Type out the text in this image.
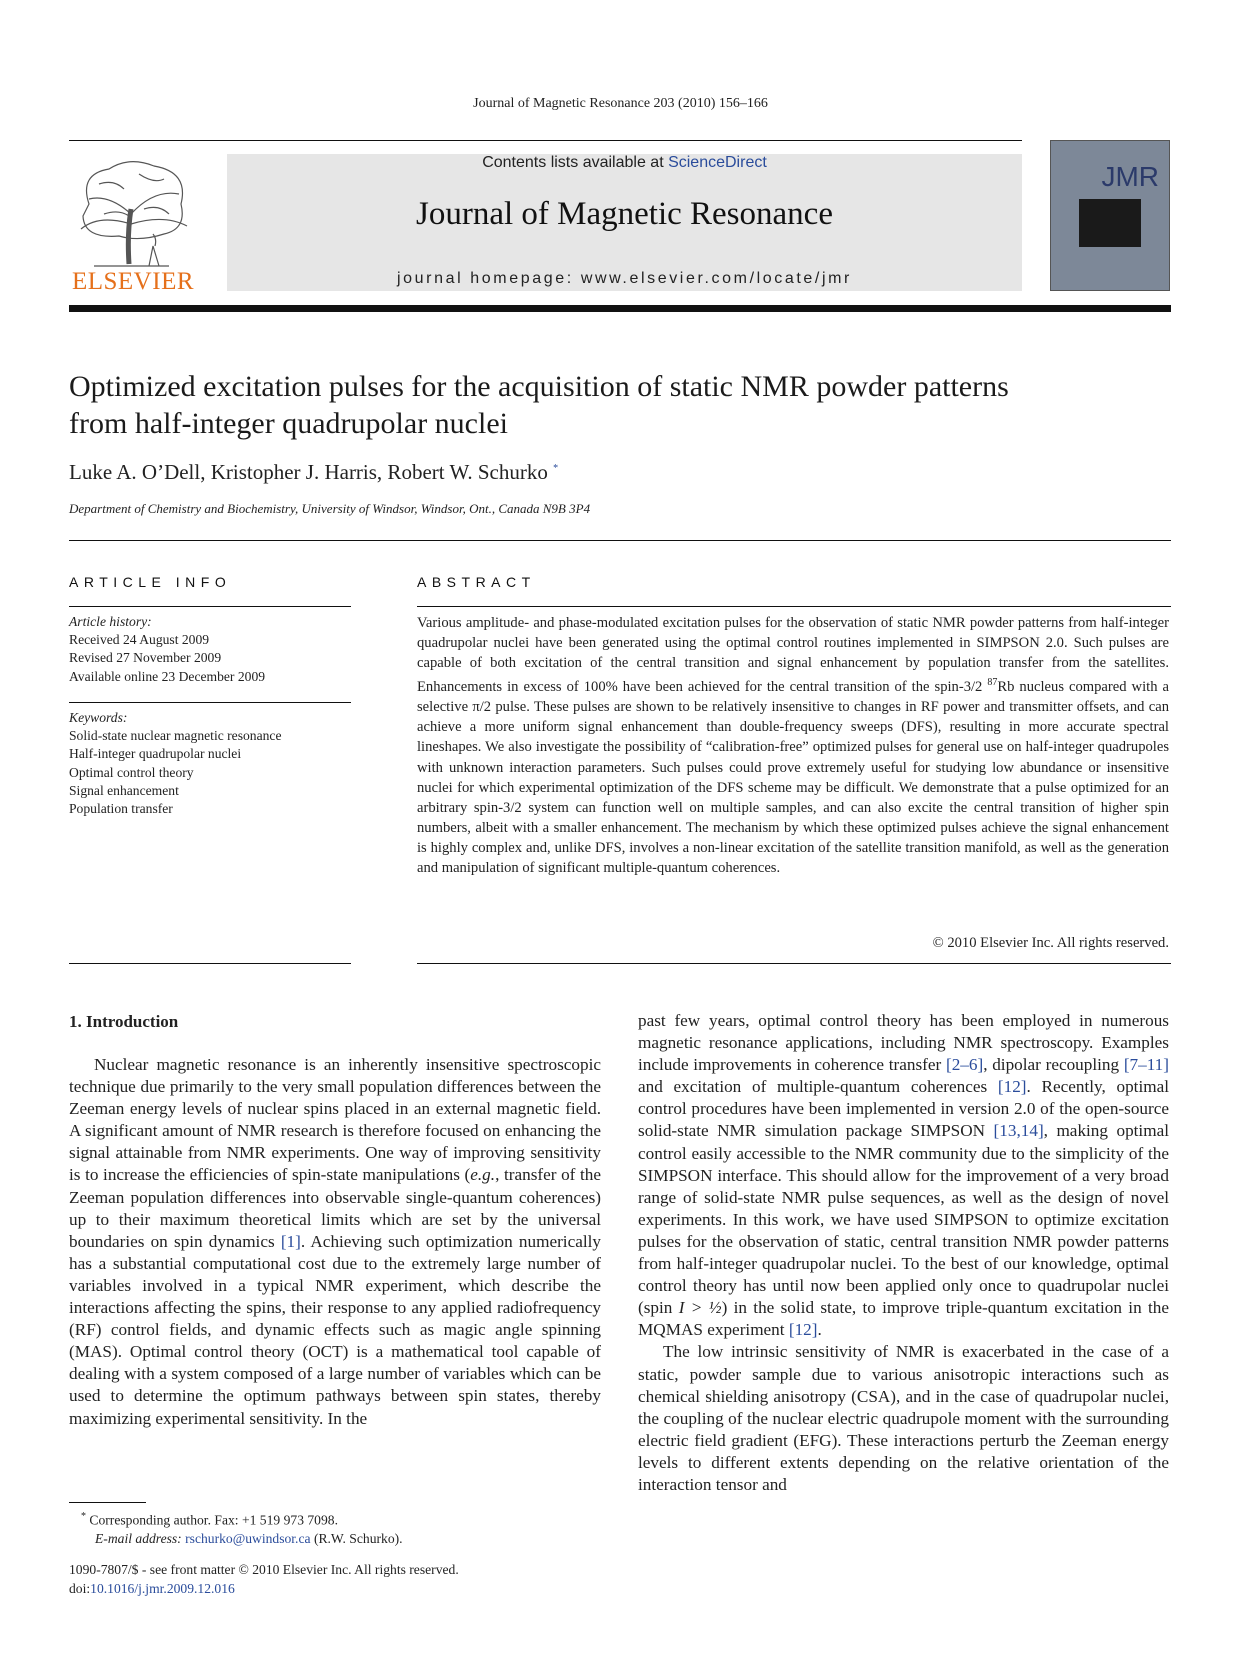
Journal of Magnetic Resonance 203 (2010) 156–166
ELSEVIER
Contents lists available at ScienceDirect
Journal of Magnetic Resonance
journal homepage: www.elsevier.com/locate/jmr
JMR
Optimized excitation pulses for the acquisition of static NMR powder patterns
from half-integer quadrupolar nuclei
Luke A. O’Dell, Kristopher J. Harris, Robert W. Schurko *
Department of Chemistry and Biochemistry, University of Windsor, Windsor, Ont., Canada N9B 3P4
ARTICLE INFO	ABSTRACT
Article history:
Received 24 August 2009
Revised 27 November 2009
Available online 23 December 2009
Keywords:
Solid-state nuclear magnetic resonance
Half-integer quadrupolar nuclei
Optimal control theory
Signal enhancement
Population transfer
Various amplitude- and phase-modulated excitation pulses for the observation of static NMR powder patterns from half-integer quadrupolar nuclei have been generated using the optimal control routines implemented in SIMPSON 2.0. Such pulses are capable of both excitation of the central transition and signal enhancement by population transfer from the satellites. Enhancements in excess of 100% have been achieved for the central transition of the spin-3/2 $^{87}$Rb nucleus compared with a selective π/2 pulse. These pulses are shown to be relatively insensitive to changes in RF power and transmitter offsets, and can achieve a more uniform signal enhancement than double-frequency sweeps (DFS), resulting in more accurate spectral lineshapes. We also investigate the possibility of “calibration-free” optimized pulses for general use on half-integer quadrupoles with unknown interaction parameters. Such pulses could prove extremely useful for studying low abundance or insensitive nuclei for which experimental optimization of the DFS scheme may be difficult. We demonstrate that a pulse optimized for an arbitrary spin-3/2 system can function well on multiple samples, and can also excite the central transition of higher spin numbers, albeit with a smaller enhancement. The mechanism by which these optimized pulses achieve the signal enhancement is highly complex and, unlike DFS, involves a non-linear excitation of the satellite transition manifold, as well as the generation and manipulation of significant multiple-quantum coherences.
© 2010 Elsevier Inc. All rights reserved.
1. Introduction
Nuclear magnetic resonance is an inherently insensitive spectroscopic technique due primarily to the very small population differences between the Zeeman energy levels of nuclear spins placed in an external magnetic field. A significant amount of NMR research is therefore focused on enhancing the signal attainable from NMR experiments. One way of improving sensitivity is to increase the efficiencies of spin-state manipulations (e.g., transfer of the Zeeman population differences into observable single-quantum coherences) up to their maximum theoretical limits which are set by the universal boundaries on spin dynamics [1]. Achieving such optimization numerically has a substantial computational cost due to the extremely large number of variables involved in a typical NMR experiment, which describe the interactions affecting the spins, their response to any applied radiofrequency (RF) control fields, and dynamic effects such as magic angle spinning (MAS). Optimal control theory (OCT) is a mathematical tool capable of dealing with a system composed of a large number of variables which can be used to determine the optimum pathways between spin states, thereby maximizing experimental sensitivity. In the
past few years, optimal control theory has been employed in numerous magnetic resonance applications, including NMR spectroscopy. Examples include improvements in coherence transfer [2–6], dipolar recoupling [7–11] and excitation of multiple-quantum coherences [12]. Recently, optimal control procedures have been implemented in version 2.0 of the open-source solid-state NMR simulation package SIMPSON [13,14], making optimal control easily accessible to the NMR community due to the simplicity of the SIMPSON interface. This should allow for the improvement of a very broad range of solid-state NMR pulse sequences, as well as the design of novel experiments. In this work, we have used SIMPSON to optimize excitation pulses for the observation of static, central transition NMR powder patterns from half-integer quadrupolar nuclei. To the best of our knowledge, optimal control theory has until now been applied only once to quadrupolar nuclei (spin I > ½) in the solid state, to improve triple-quantum excitation in the MQMAS experiment [12].
The low intrinsic sensitivity of NMR is exacerbated in the case of a static, powder sample due to various anisotropic interactions such as chemical shielding anisotropy (CSA), and in the case of quadrupolar nuclei, the coupling of the nuclear electric quadrupole moment with the surrounding electric field gradient (EFG). These interactions perturb the Zeeman energy levels to different extents depending on the relative orientation of the interaction tensor and
* Corresponding author. Fax: +1 519 973 7098.
E-mail address: rschurko@uwindsor.ca (R.W. Schurko).
1090-7807/$ - see front matter © 2010 Elsevier Inc. All rights reserved.
doi:10.1016/j.jmr.2009.12.016
